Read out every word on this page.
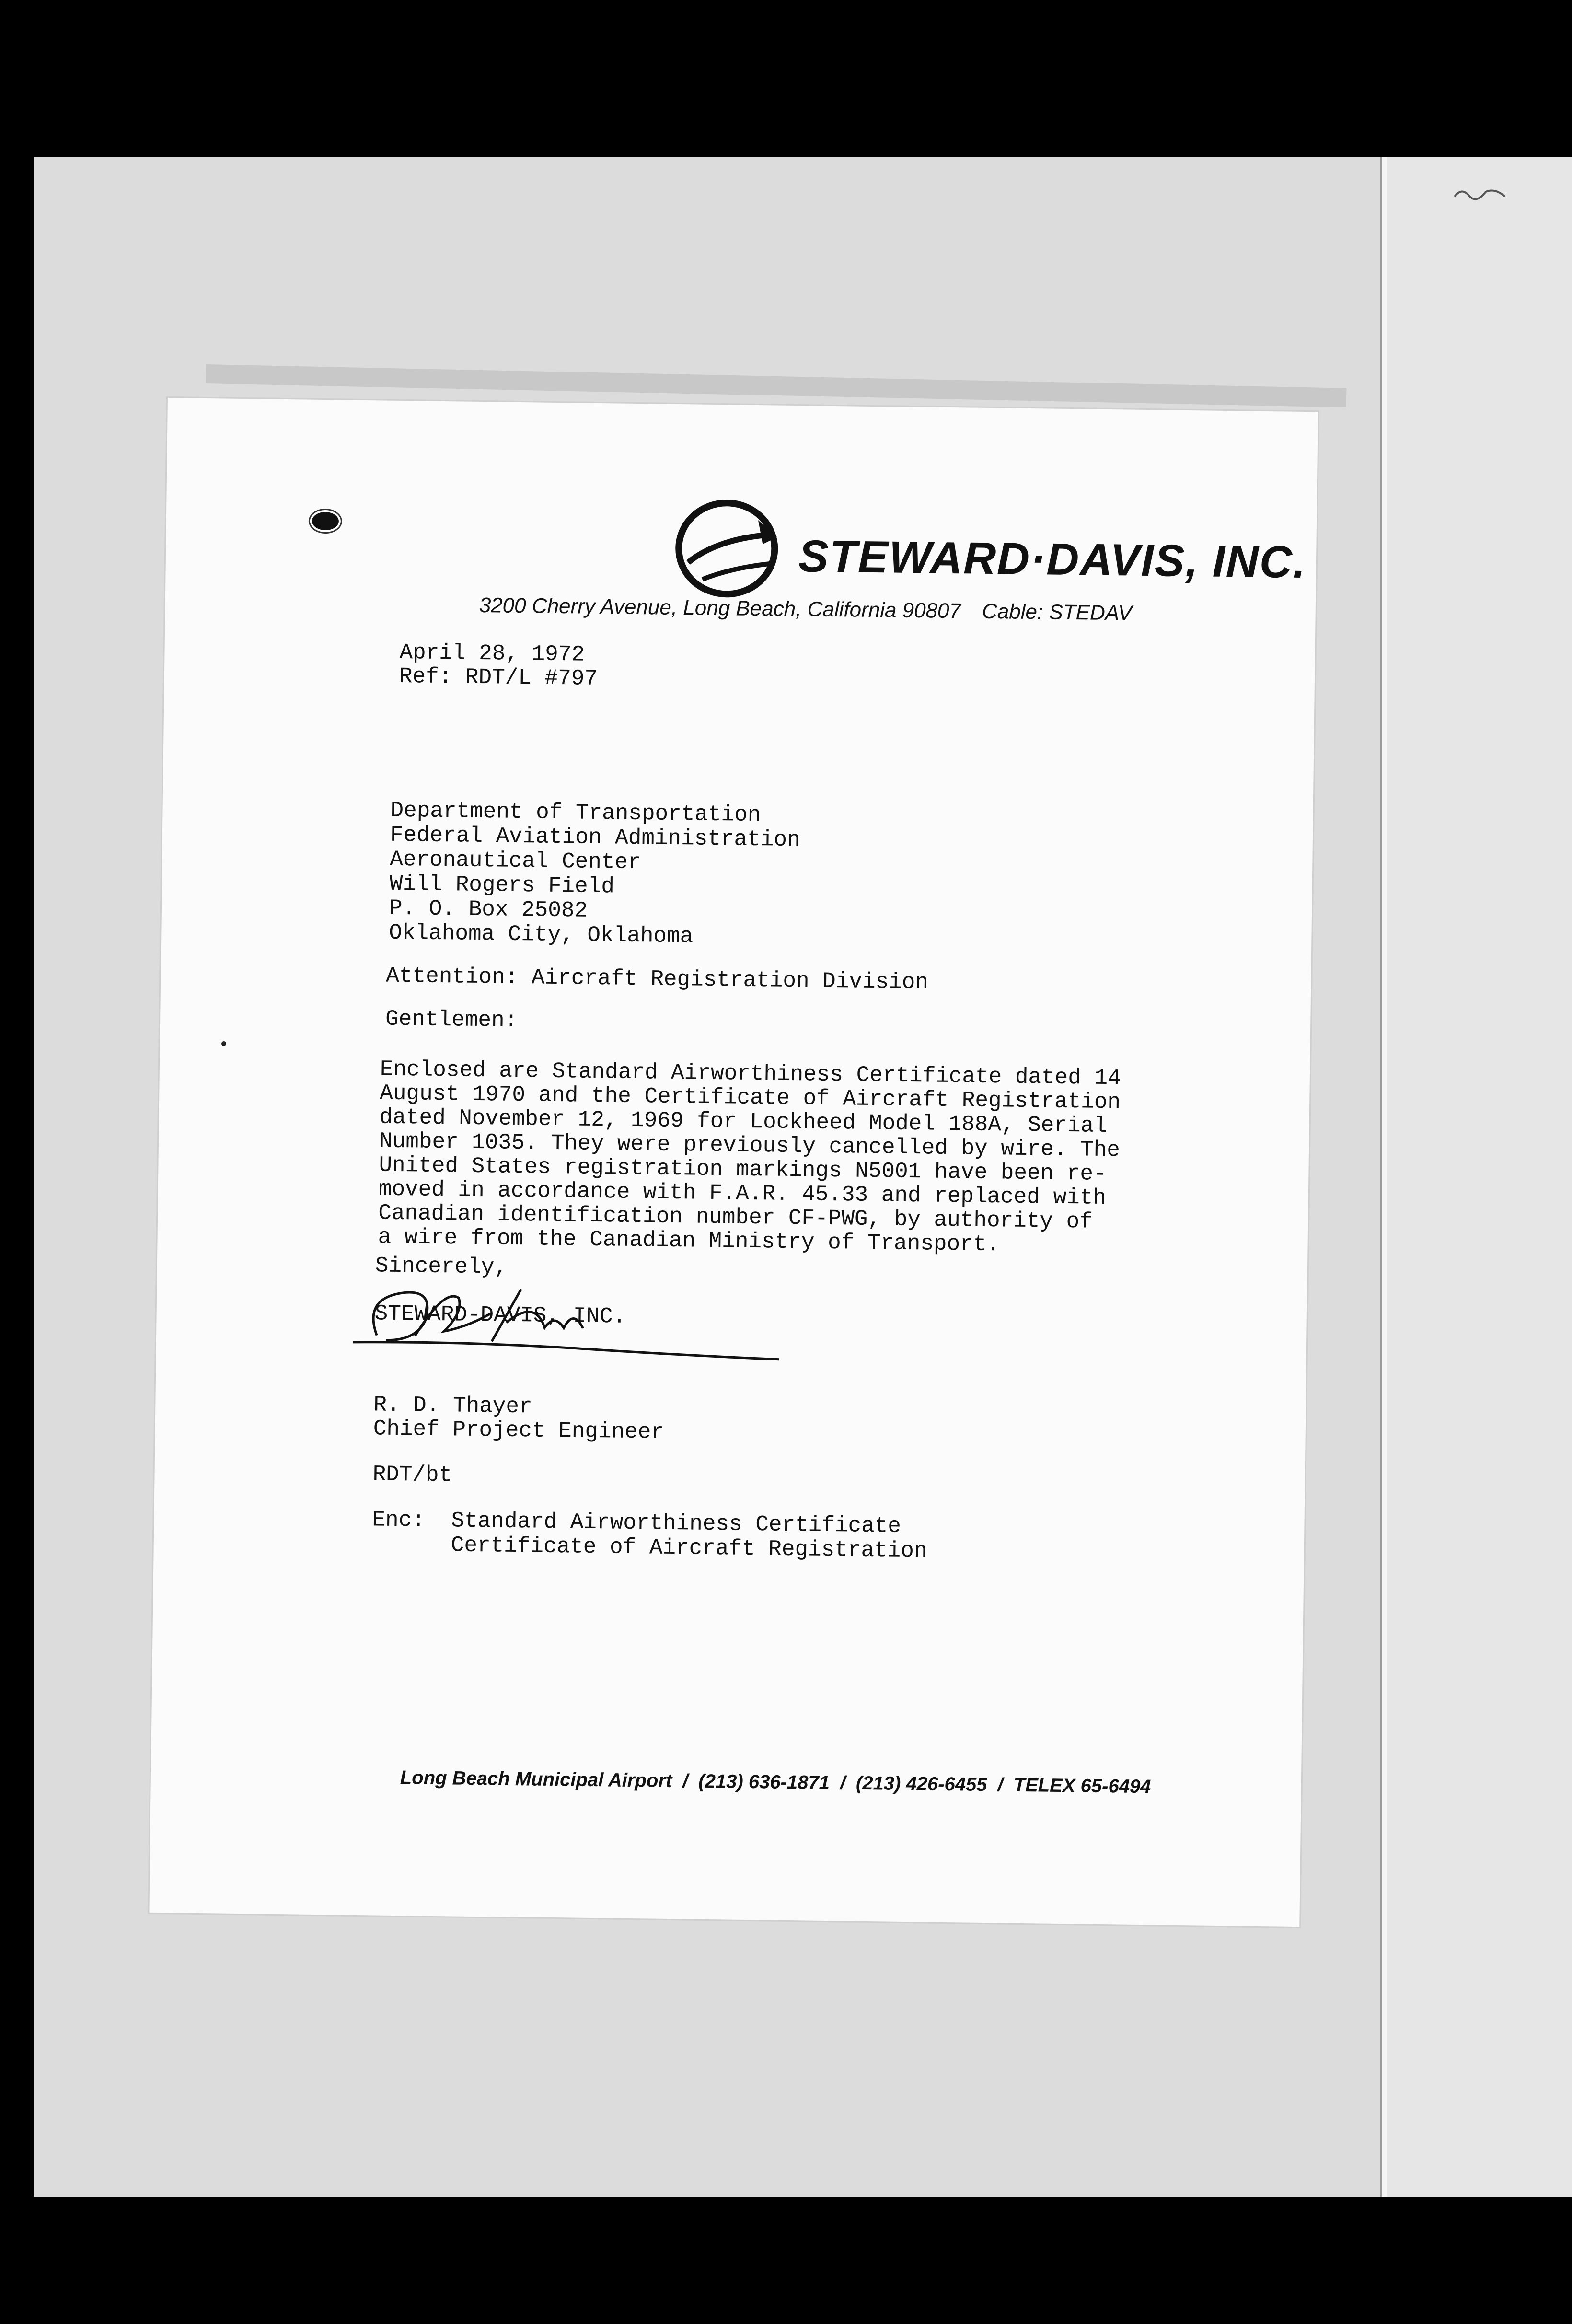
STEWARD·DAVIS, INC.
3200 Cherry Avenue, Long Beach, California 90807 Cable: STEDAV
April 28, 1972
Ref: RDT/L #797
Department of Transportation
Federal Aviation Administration
Aeronautical Center
Will Rogers Field
P. O. Box 25082
Oklahoma City, Oklahoma
Attention: Aircraft Registration Division
Gentlemen:
Enclosed are Standard Airworthiness Certificate dated 14
August 1970 and the Certificate of Aircraft Registration
dated November 12, 1969 for Lockheed Model 188A, Serial
Number 1035. They were previously cancelled by wire. The
United States registration markings N5001 have been re-
moved in accordance with F.A.R. 45.33 and replaced with
Canadian identification number CF-PWG, by authority of
a wire from the Canadian Ministry of Transport.
Sincerely,
STEWARD-DAVIS, INC.
R. D. Thayer
Chief Project Engineer
RDT/bt
Enc: Standard Airworthiness Certificate
Certificate of Aircraft Registration
Long Beach Municipal Airport / (213) 636-1871 / (213) 426-6455 / TELEX 65-6494
